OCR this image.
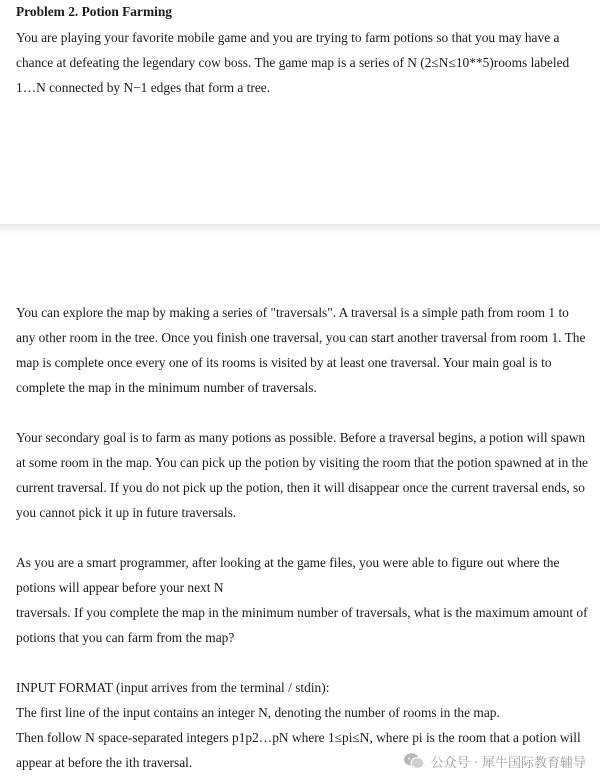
Problem 2. Potion Farming

You are playing your favorite mobile game and you are trying to farm potions so that you may have a chance at defeating the legendary cow boss. The game map is a series of N (2≤N≤10**5)rooms labeled 1…N connected by N−1 edges that form a tree.

You can explore the map by making a series of "traversals". A traversal is a simple path from room 1 to any other room in the tree. Once you finish one traversal, you can start another traversal from room 1. The map is complete once every one of its rooms is visited by at least one traversal. Your main goal is to complete the map in the minimum number of traversals.

Your secondary goal is to farm as many potions as possible. Before a traversal begins, a potion will spawn at some room in the map. You can pick up the potion by visiting the room that the potion spawned at in the current traversal. If you do not pick up the potion, then it will disappear once the current traversal ends, so you cannot pick it up in future traversals.

As you are a smart programmer, after looking at the game files, you were able to figure out where the potions will appear before your next N

traversals. If you complete the map in the minimum number of traversals, what is the maximum amount of potions that you can farm from the map?

INPUT FORMAT (input arrives from the terminal / stdin):

The first line of the input contains an integer N, denoting the number of rooms in the map.

Then follow N space-separated integers p1p2…pN where 1≤pi≤N, where pi is the room that a potion will appear at before the ith traversal.	公众号 · 犀牛国际教育辅导
